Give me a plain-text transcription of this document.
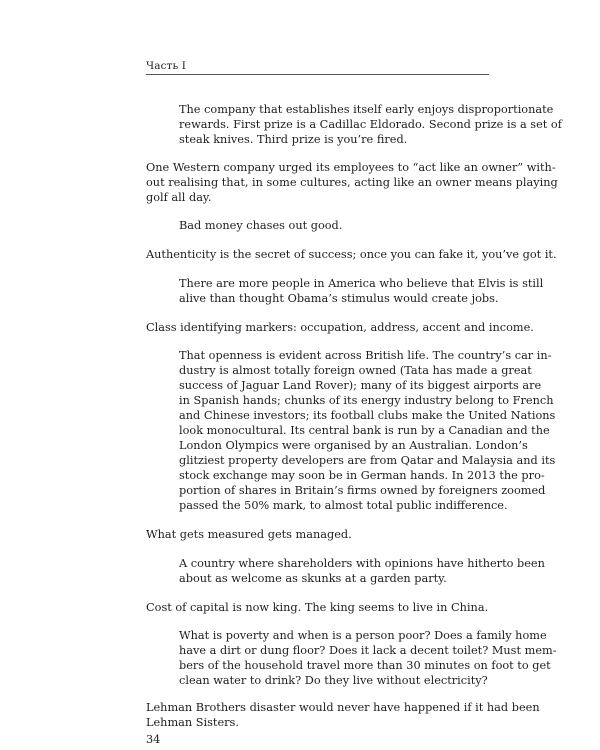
Часть I
The company that establishes itself early enjoys disproportionate
rewards. First prize is a Cadillac Eldorado. Second prize is a set of
steak knives. Third prize is you’re fired.
One Western company urged its employees to “act like an owner” with-
out realising that, in some cultures, acting like an owner means playing
golf all day.
Bad money chases out good.
Authenticity is the secret of success; once you can fake it, you’ve got it.
There are more people in America who believe that Elvis is still
alive than thought Obama’s stimulus would create jobs.
Class identifying markers: occupation, address, accent and income.
That openness is evident across British life. The country’s car in-
dustry is almost totally foreign owned (Tata has made a great
success of Jaguar Land Rover); many of its biggest airports are
in Spanish hands; chunks of its energy industry belong to French
and Chinese investors; its football clubs make the United Nations
look monocultural. Its central bank is run by a Canadian and the
London Olympics were organised by an Australian. London’s
glitziest property developers are from Qatar and Malaysia and its
stock exchange may soon be in German hands. In 2013 the pro-
portion of shares in Britain’s firms owned by foreigners zoomed
passed the 50% mark, to almost total public indifference.
What gets measured gets managed.
A country where shareholders with opinions have hitherto been
about as welcome as skunks at a garden party.
Cost of capital is now king. The king seems to live in China.
What is poverty and when is a person poor? Does a family home
have a dirt or dung floor? Does it lack a decent toilet? Must mem-
bers of the household travel more than 30 minutes on foot to get
clean water to drink? Do they live without electricity?
Lehman Brothers disaster would never have happened if it had been
Lehman Sisters.
34
